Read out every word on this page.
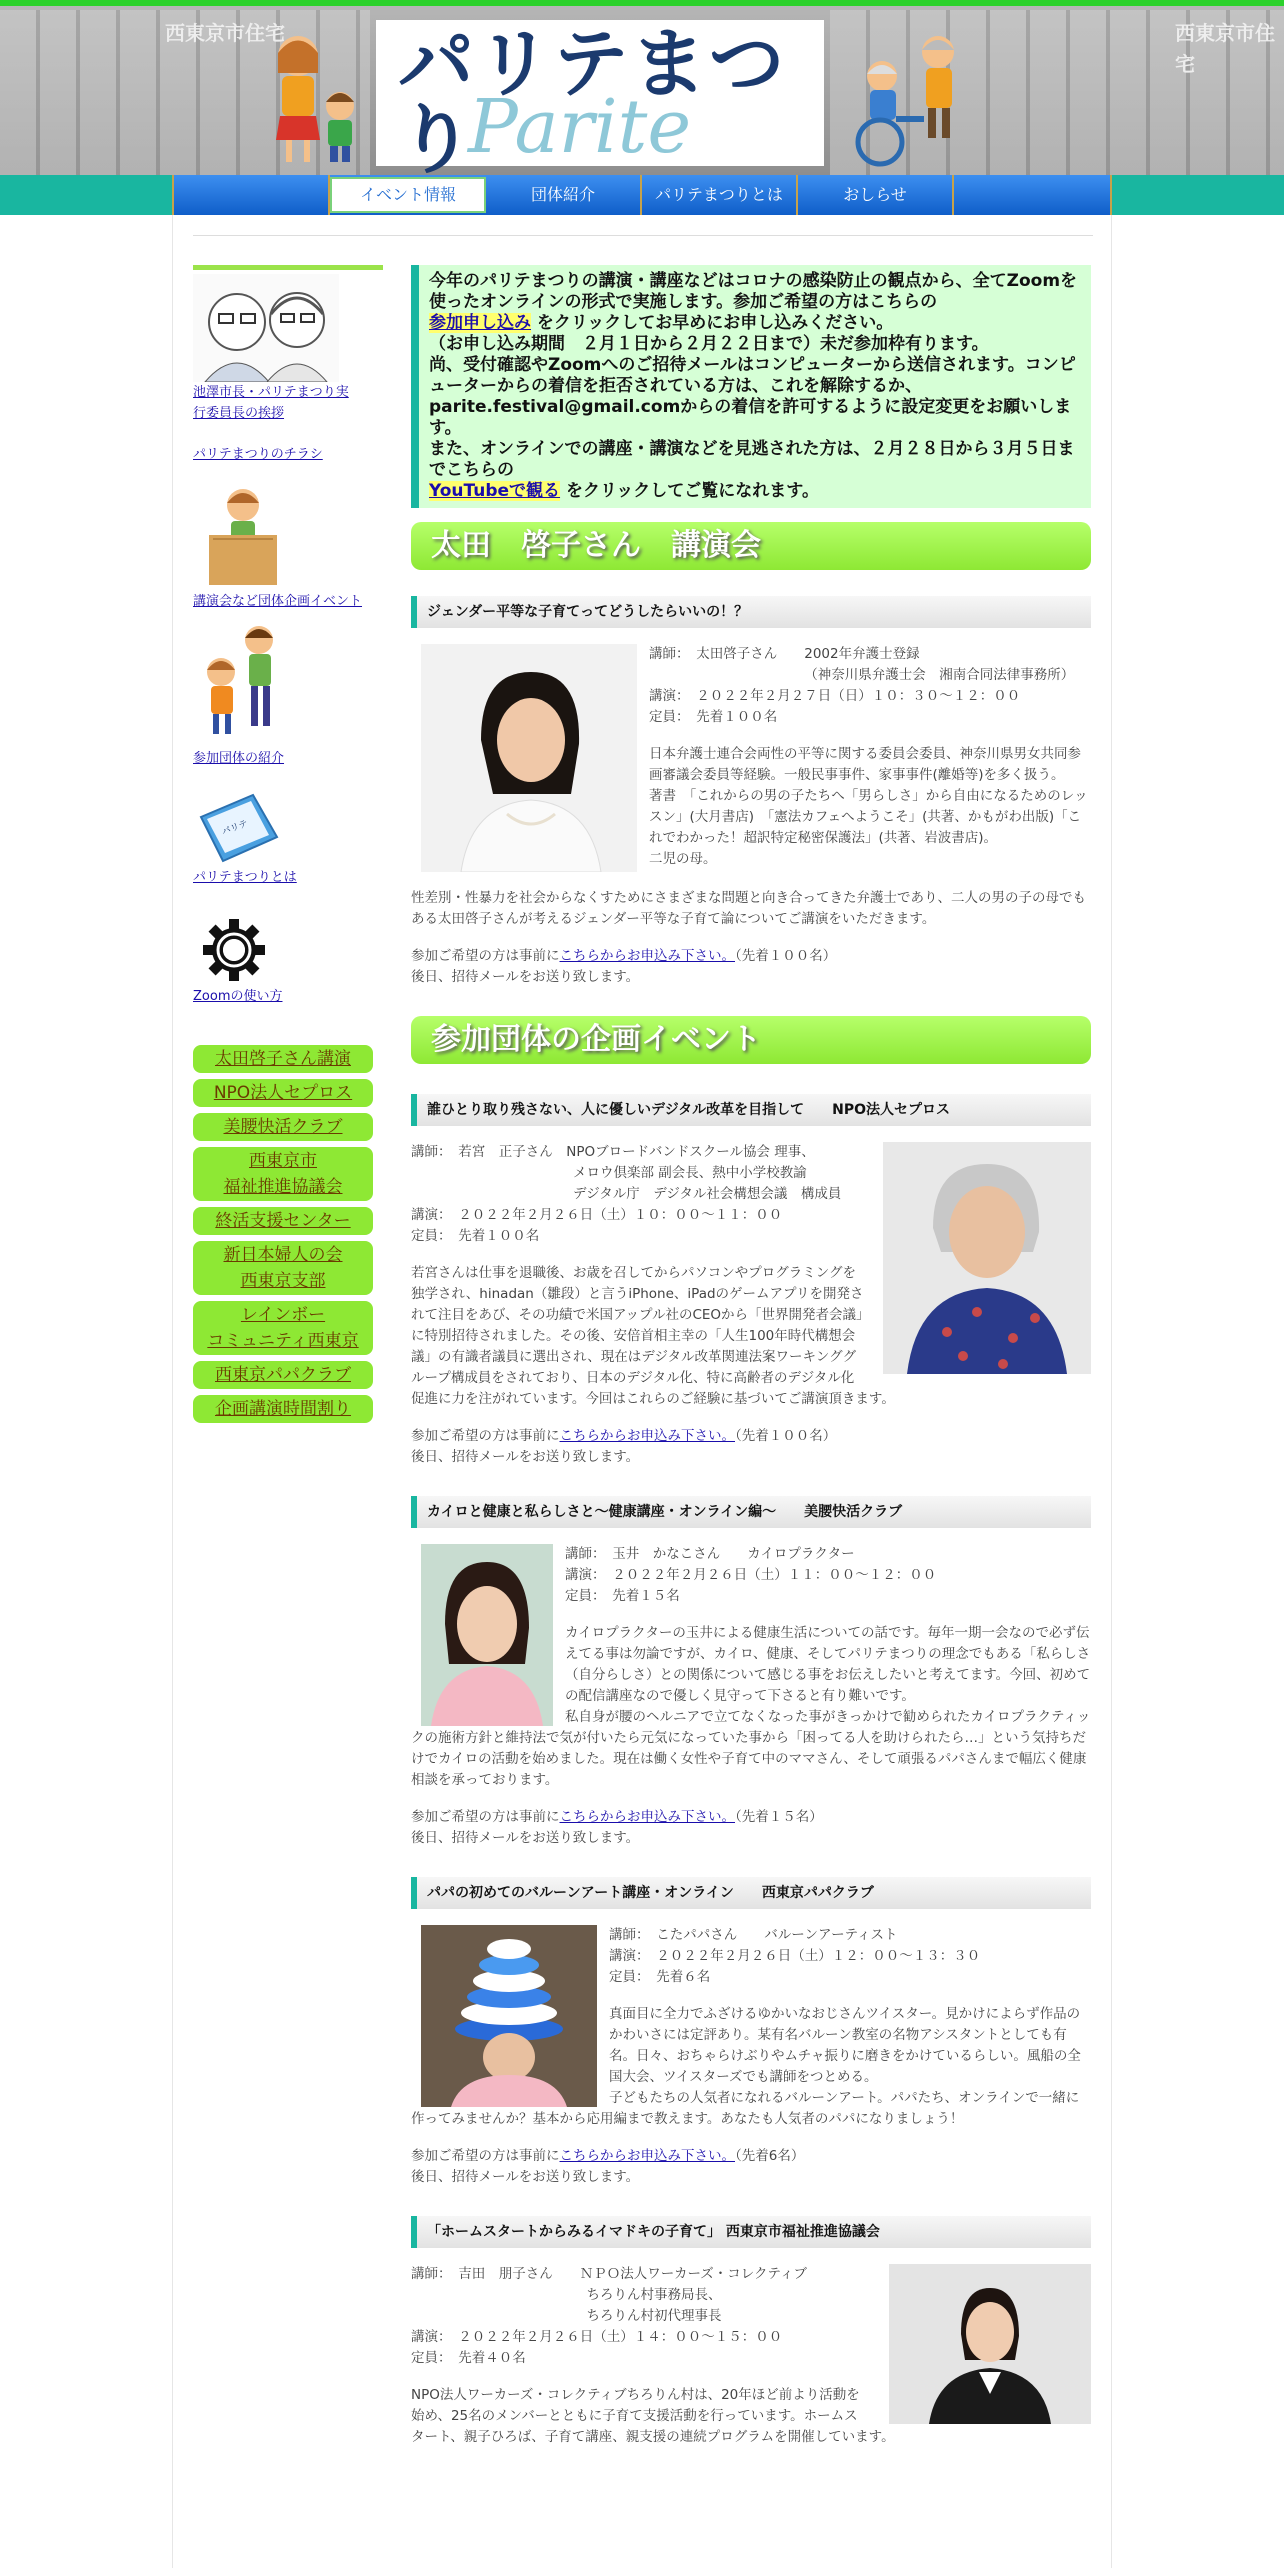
西東京市住宅	西東京市住宅
Parite
パリテまつり
イベント情報	団体紹介	パリテまつりとは	おしらせ
池澤市長・パリテまつり実行委員長の挨拶
パリテまつりのチラシ
講演会など団体企画イベント
参加団体の紹介
パリテ
パリテまつりとは
Zoomの使い方
太田啓子さん講演
NPO法人セプロス
美腰快活クラブ
西東京市
福祉推進協議会
終活支援センター
新日本婦人の会
西東京支部
レインボー
コミュニティ西東京
西東京パパクラブ
企画講演時間割り
今年のパリテまつりの講演・講座などはコロナの感染防止の観点から、全てZoomを使ったオンラインの形式で実施します。参加ご希望の方はこちらの
参加申し込み をクリックしてお早めにお申し込みください。
（お申し込み期間　２月１日から２月２２日まで）未だ参加枠有ります。
尚、受付確認やZoomへのご招待メールはコンピューターから送信されます。コンピューターからの着信を拒否されている方は、これを解除するか、parite.festival@gmail.comからの着信を許可するように設定変更をお願いします。
また、オンラインでの講座・講演などを見逃された方は、２月２８日から３月５日までこちらの
YouTubeで観る をクリックしてご覧になれます。
太田　啓子さん　講演会
ジェンダー平等な子育てってどうしたらいいの！？
講師：　太田啓子さん　　2002年弁護士登録
　　　　　　　　　　　　（神奈川県弁護士会　湘南合同法律事務所）
講演：　２０２２年２月２７日（日）１０：３０～１２：００
定員：　先着１００名
日本弁護士連合会両性の平等に関する委員会委員、神奈川県男女共同参画審議会委員等経験。一般民事事件、家事事件(離婚等)を多く扱う。
著書　「これからの男の子たちへ「男らしさ」から自由になるためのレッスン」(大月書店)　「憲法カフェへようこそ」(共著、かもがわ出版)「これでわかった！超訳特定秘密保護法」(共著、岩波書店)。
二児の母。

性差別・性暴力を社会からなくすためにさまざまな問題と向き合ってきた弁護士であり、二人の男の子の母でもある太田啓子さんが考えるジェンダー平等な子育て論についてご講演をいただきます。

参加ご希望の方は事前にこちらからお申込み下さい。（先着１００名）

後日、招待メールをお送り致します。

参加団体の企画イベント
誰ひとり取り残さない、人に優しいデジタル改革を目指して　　NPO法人セプロス
講師：　若宮　正子さん　NPOブロードバンドスクール協会 理事、
　　　　　　　　　　　　メロウ倶楽部 副会長、熱中小学校教諭
　　　　　　　　　　　　デジタル庁　デジタル社会構想会議　構成員
講演：　２０２２年２月２６日（土）１０：００～１１：００
定員：　先着１００名

若宮さんは仕事を退職後、お歳を召してからパソコンやプログラミングを独学され、hinadan（雛段）と言うiPhone、iPadのゲームアプリを開発されて注目をあび、その功績で米国アップル社のCEOから「世界開発者会議」に特別招待されました。その後、安倍首相主幸の「人生100年時代構想会議」の有識者議員に選出され、現在はデジタル改革関連法案ワーキンググループ構成員をされており、日本のデジタル化、特に高齢者のデジタル化促進に力を注がれています。今回はこれらのご経験に基づいてご講演頂きます。

参加ご希望の方は事前にこちらからお申込み下さい。（先着１００名）

後日、招待メールをお送り致します。

カイロと健康と私らしさと～健康講座・オンライン編～　　美腰快活クラブ
講師：　玉井　かなこさん　　カイロプラクター
講演：　２０２２年２月２６日（土）１１：００～１２：００
定員：　先着１５名

カイロプラクターの玉井による健康生活についての話です。毎年一期一会なので必ず伝えてる事は勿論ですが、カイロ、健康、そしてパリテまつりの理念でもある「私らしさ（自分らしさ）との関係について感じる事をお伝えしたいと考えてます。今回、初めての配信講座なので優しく見守って下さると有り難いです。

私自身が腰のヘルニアで立てなくなった事がきっかけで勧められたカイロプラクティックの施術方針と維持法で気が付いたら元気になっていた事から「困ってる人を助けられたら…」という気持ちだけでカイロの活動を始めました。現在は働く女性や子育て中のママさん、そして頑張るパパさんまで幅広く健康相談を承っております。

参加ご希望の方は事前にこちらからお申込み下さい。（先着１５名）

後日、招待メールをお送り致します。

パパの初めてのバルーンアート講座・オンライン　　西東京パパクラブ
講師：　こたパパさん　　バルーンアーティスト
講演：　２０２２年２月２６日（土）１２：００～１３：３０
定員：　先着６名

真面目に全力でふざけるゆかいなおじさんツイスター。見かけによらず作品のかわいさには定評あり。某有名バルーン教室の名物アシスタントとしても有名。日々、おちゃらけぶりやムチャ振りに磨きをかけているらしい。風船の全国大会、ツイスターズでも講師をつとめる。

子どもたちの人気者になれるバルーンアート。パパたち、オンラインで一緒に作ってみませんか？基本から応用編まで教えます。あなたも人気者のパパになりましょう！

参加ご希望の方は事前にこちらからお申込み下さい。（先着6名）

後日、招待メールをお送り致します。

「ホームスタートからみるイマドキの子育て」 西東京市福祉推進協議会
講師：　吉田　朋子さん　　ＮＰＯ法人ワーカーズ・コレクティブ
　　　　　　　　　　　　　ちろりん村事務局長、
　　　　　　　　　　　　　ちろりん村初代理事長
講演：　２０２２年２月２６日（土）１４：００～１５：００
定員：　先着４０名

NPO法人ワーカーズ・コレクティブちろりん村は、20年ほど前より活動を始め、25名のメンバーとともに子育て支援活動を行っています。ホームスタート、親子ひろば、子育て講座、親支援の連続プログラムを開催しています。
